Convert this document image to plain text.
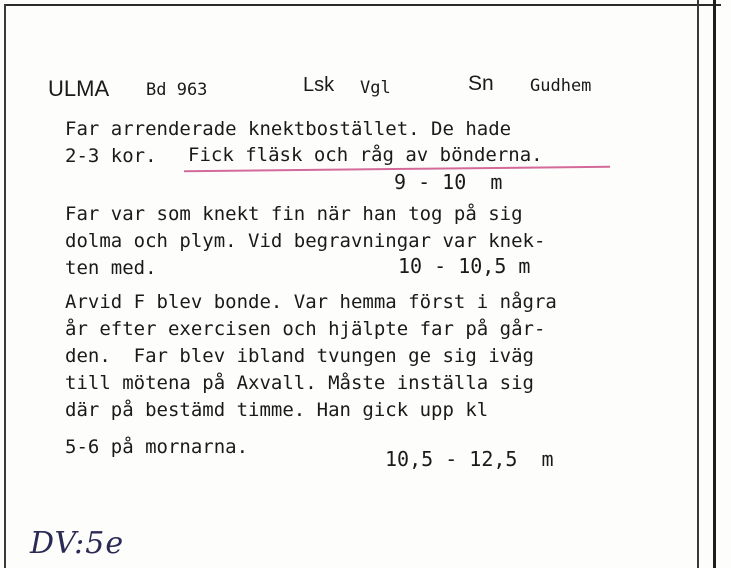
ULMA Bd 963	Lsk Vgl	Sn Gudhem
Far arrenderade knektbostället. De hade
2-3 kor. Fick fläsk och råg av bönderna.
9 - 10  m
Far var som knekt fin när han tog på sig
dolma och plym. Vid begravningar var knek-
ten med.	10 - 10,5 m
Arvid F blev bonde. Var hemma först i några
år efter exercisen och hjälpte far på går-
den.  Far blev ibland tvungen ge sig iväg
till mötena på Axvall. Måste inställa sig
där på bestämd timme. Han gick upp kl
5-6 på mornarna.	10,5 - 12,5  m
DV:5e
